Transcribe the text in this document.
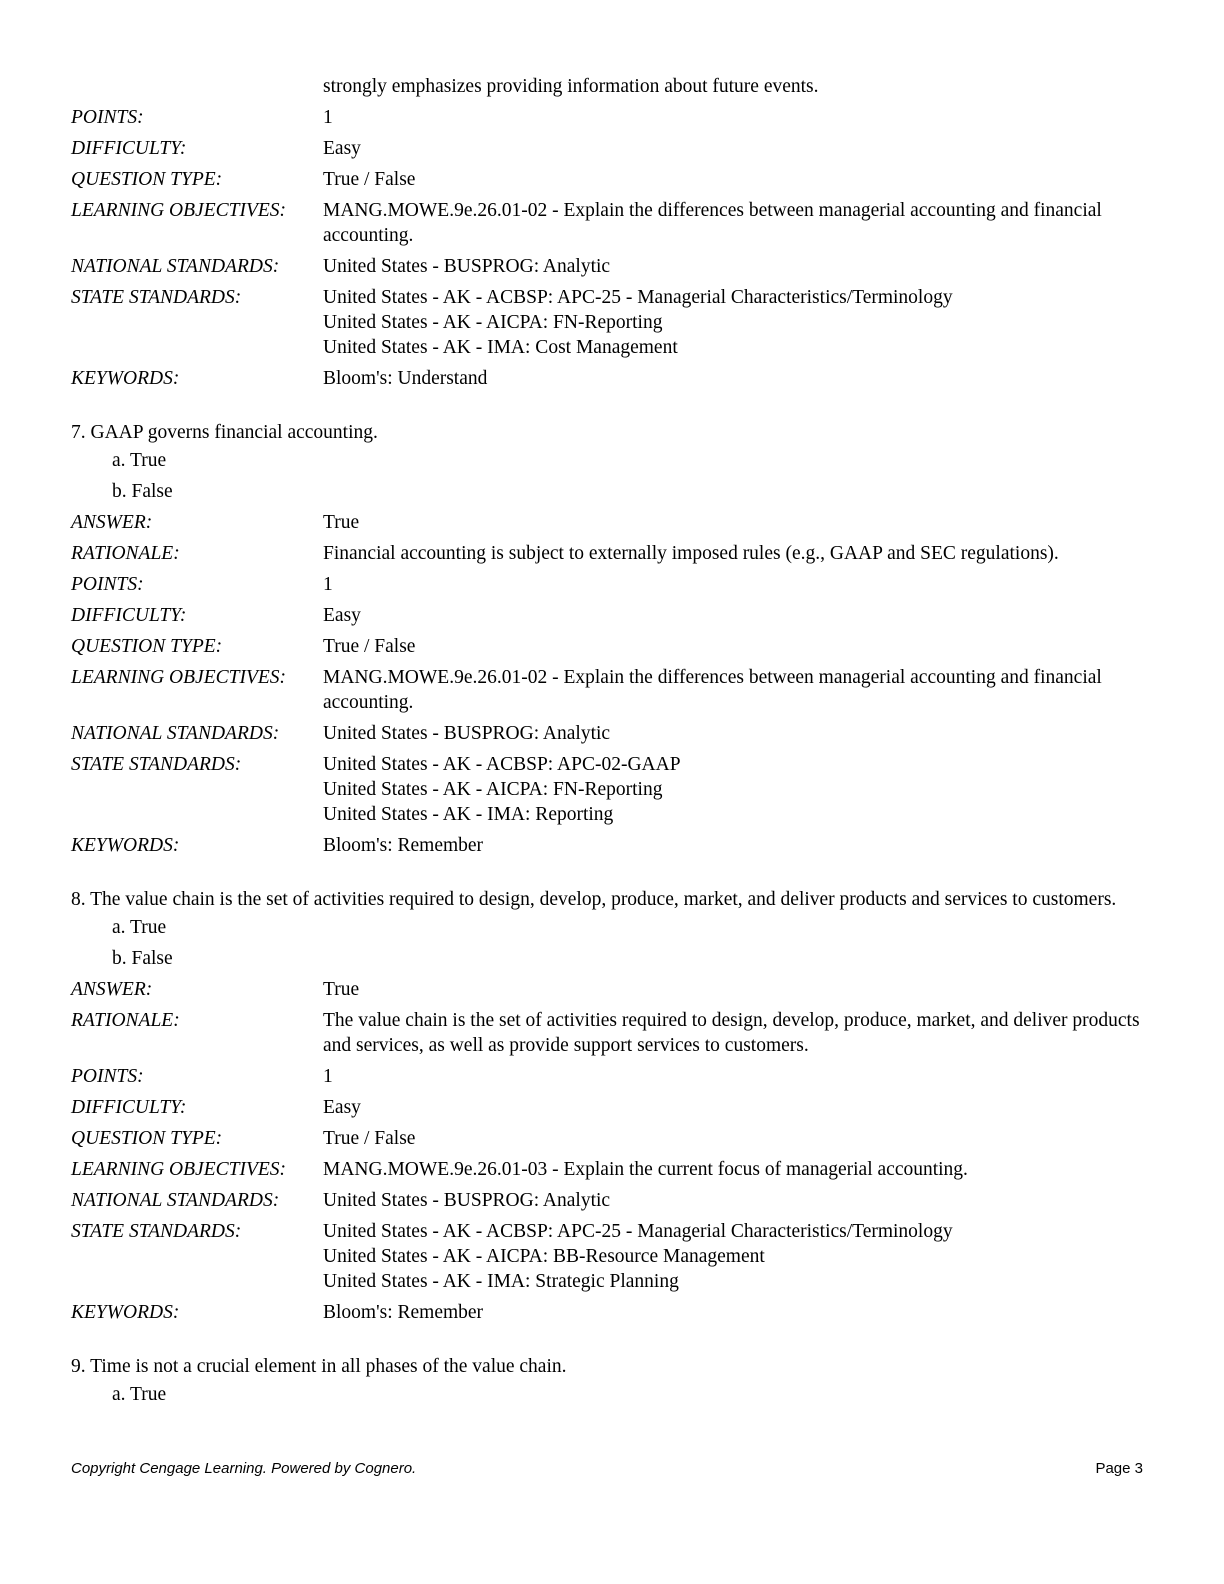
strongly emphasizes providing information about future events.
POINTS:	1
DIFFICULTY:	Easy
QUESTION TYPE:	True / False
LEARNING OBJECTIVES:	MANG.MOWE.9e.26.01-02 - Explain the differences between managerial accounting and financial accounting.
NATIONAL STANDARDS:	United States - BUSPROG: Analytic
STATE STANDARDS:	United States - AK - ACBSP: APC-25 - Managerial Characteristics/Terminology
United States - AK - AICPA: FN-Reporting
United States - AK - IMA: Cost Management
KEYWORDS:	Bloom's: Understand
7. GAAP governs financial accounting.
a. True
b. False
ANSWER:	True
RATIONALE:	Financial accounting is subject to externally imposed rules (e.g., GAAP and SEC regulations).
POINTS:	1
DIFFICULTY:	Easy
QUESTION TYPE:	True / False
LEARNING OBJECTIVES:	MANG.MOWE.9e.26.01-02 - Explain the differences between managerial accounting and financial accounting.
NATIONAL STANDARDS:	United States - BUSPROG: Analytic
STATE STANDARDS:	United States - AK - ACBSP: APC-02-GAAP
United States - AK - AICPA: FN-Reporting
United States - AK - IMA: Reporting
KEYWORDS:	Bloom's: Remember
8. The value chain is the set of activities required to design, develop, produce, market, and deliver products and services to customers.
a. True
b. False
ANSWER:	True
RATIONALE:	The value chain is the set of activities required to design, develop, produce, market, and deliver products and services, as well as provide support services to customers.
POINTS:	1
DIFFICULTY:	Easy
QUESTION TYPE:	True / False
LEARNING OBJECTIVES:	MANG.MOWE.9e.26.01-03 - Explain the current focus of managerial accounting.
NATIONAL STANDARDS:	United States - BUSPROG: Analytic
STATE STANDARDS:	United States - AK - ACBSP: APC-25 - Managerial Characteristics/Terminology
United States - AK - AICPA: BB-Resource Management
United States - AK - IMA: Strategic Planning
KEYWORDS:	Bloom's: Remember
9. Time is not a crucial element in all phases of the value chain.
a. True
Copyright Cengage Learning. Powered by Cognero.	Page 3
